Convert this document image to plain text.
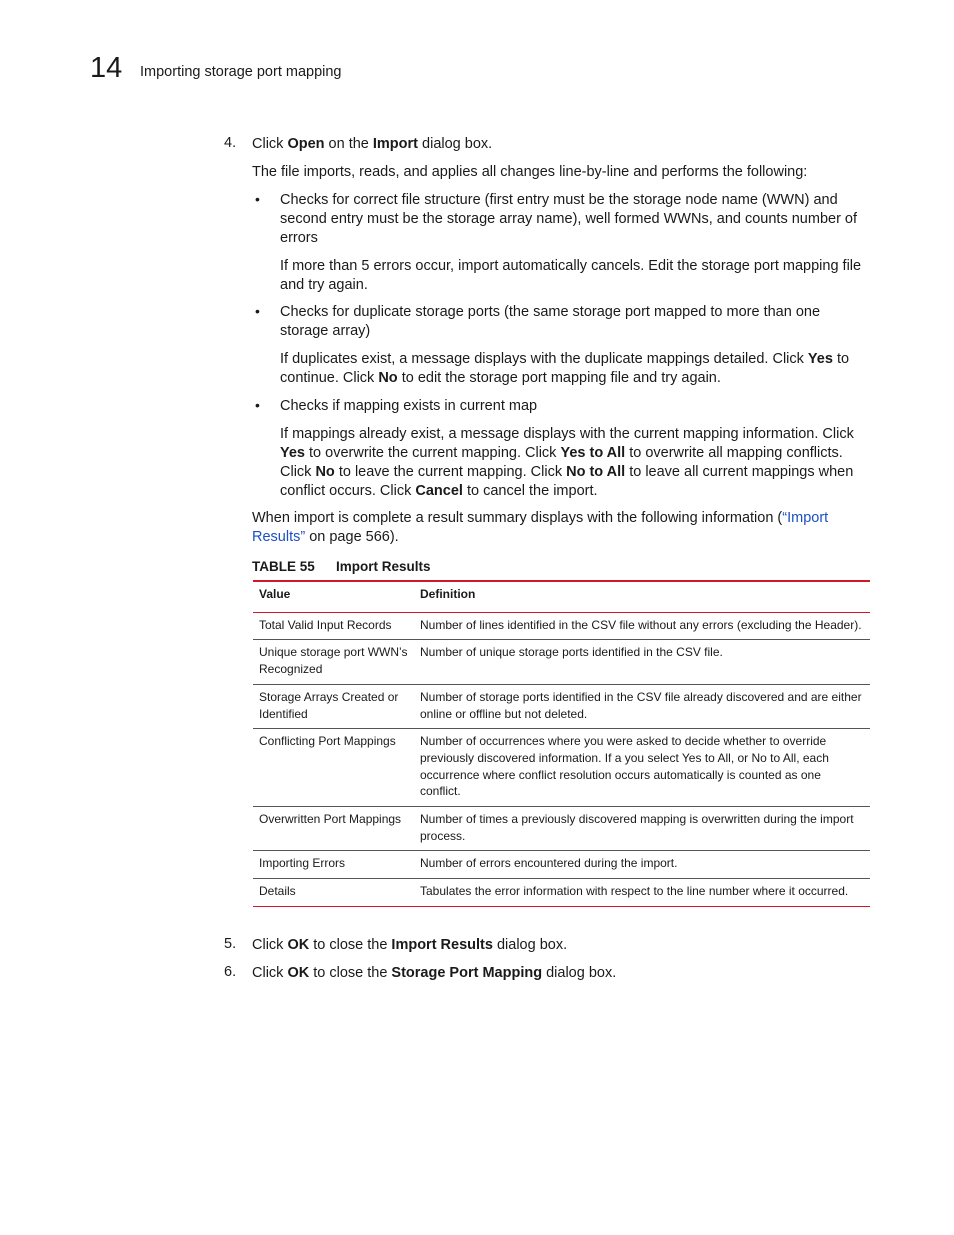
14 Importing storage port mapping
4. Click Open on the Import dialog box.
The file imports, reads, and applies all changes line-by-line and performs the following:
• Checks for correct file structure (first entry must be the storage node name (WWN) and second entry must be the storage array name), well formed WWNs, and counts number of errors
If more than 5 errors occur, import automatically cancels. Edit the storage port mapping file and try again.
• Checks for duplicate storage ports (the same storage port mapped to more than one storage array)
If duplicates exist, a message displays with the duplicate mappings detailed. Click Yes to continue. Click No to edit the storage port mapping file and try again.
• Checks if mapping exists in current map
If mappings already exist, a message displays with the current mapping information. Click Yes to overwrite the current mapping. Click Yes to All to overwrite all mapping conflicts. Click No to leave the current mapping. Click No to All to leave all current mappings when conflict occurs. Click Cancel to cancel the import.
When import is complete a result summary displays with the following information (“Import Results” on page 566).
TABLE 55 Import Results
Value	Definition
Total Valid Input Records	Number of lines identified in the CSV file without any errors (excluding the Header).
Unique storage port WWN’s Recognized	Number of unique storage ports identified in the CSV file.
Storage Arrays Created or Identified	Number of storage ports identified in the CSV file already discovered and are either online or offline but not deleted.
Conflicting Port Mappings	Number of occurrences where you were asked to decide whether to override previously discovered information. If a you select Yes to All, or No to All, each occurrence where conflict resolution occurs automatically is counted as one conflict.
Overwritten Port Mappings	Number of times a previously discovered mapping is overwritten during the import process.
Importing Errors	Number of errors encountered during the import.
Details	Tabulates the error information with respect to the line number where it occurred.
5. Click OK to close the Import Results dialog box.
6. Click OK to close the Storage Port Mapping dialog box.
